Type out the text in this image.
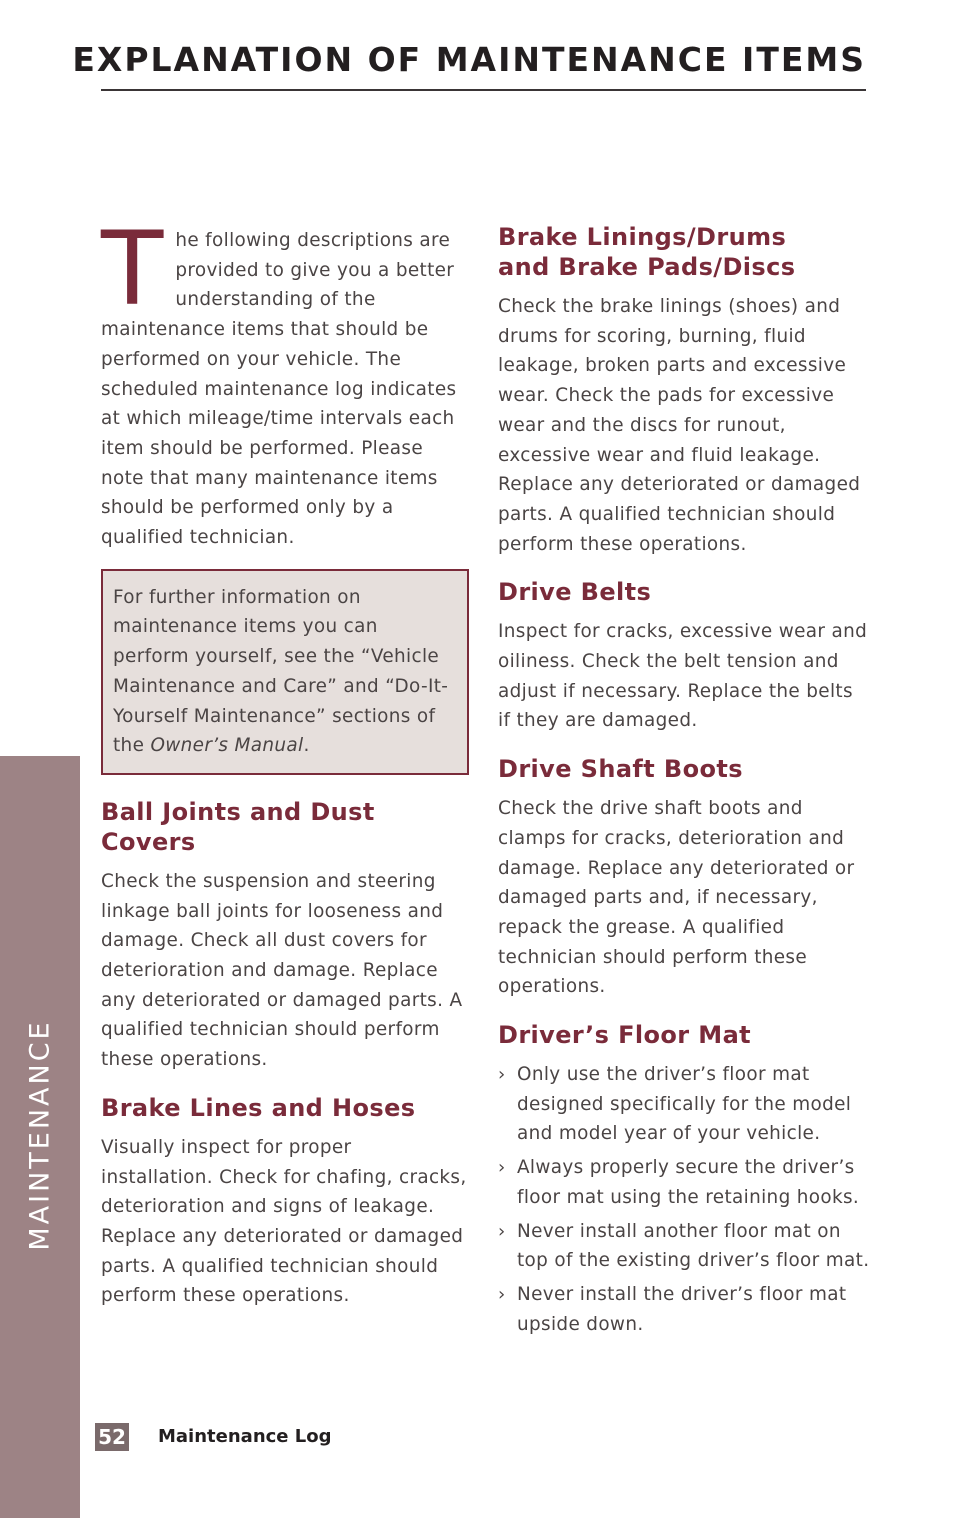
EXPLANATION OF MAINTENANCE ITEMS
MAINTENANCE
T he following descriptions are provided to give you a better understanding of the maintenance items that should be performed on your vehicle. The scheduled maintenance log indicates at which mileage/time intervals each item should be performed. Please note that many maintenance items should be performed only by a qualified technician.

For further information on maintenance items you can perform yourself, see the “Vehicle Maintenance and Care” and “Do-It-Yourself Maintenance” sections of the Owner’s Manual.

Ball Joints and Dust Covers

Check the suspension and steering linkage ball joints for looseness and damage. Check all dust covers for deterioration and damage. Replace any deteriorated or damaged parts. A qualified technician should perform these operations.

Brake Lines and Hoses

Visually inspect for proper installation. Check for chafing, cracks, deterioration and signs of leakage. Replace any deteriorated or damaged parts. A qualified technician should perform these operations.

Brake Linings/Drums and Brake Pads/Discs

Check the brake linings (shoes) and drums for scoring, burning, fluid leakage, broken parts and excessive wear. Check the pads for excessive wear and the discs for runout, excessive wear and fluid leakage. Replace any deteriorated or damaged parts. A qualified technician should perform these operations.

Drive Belts

Inspect for cracks, excessive wear and oiliness. Check the belt tension and adjust if necessary. Replace the belts if they are damaged.

Drive Shaft Boots

Check the drive shaft boots and clamps for cracks, deterioration and damage. Replace any deteriorated or damaged parts and, if necessary, repack the grease. A qualified technician should perform these operations.

Driver’s Floor Mat
› Only use the driver’s floor mat designed specifically for the model and model year of your vehicle.
› Always properly secure the driver’s floor mat using the retaining hooks.
› Never install another floor mat on top of the existing driver’s floor mat.
› Never install the driver’s floor mat upside down.
52 Maintenance Log
